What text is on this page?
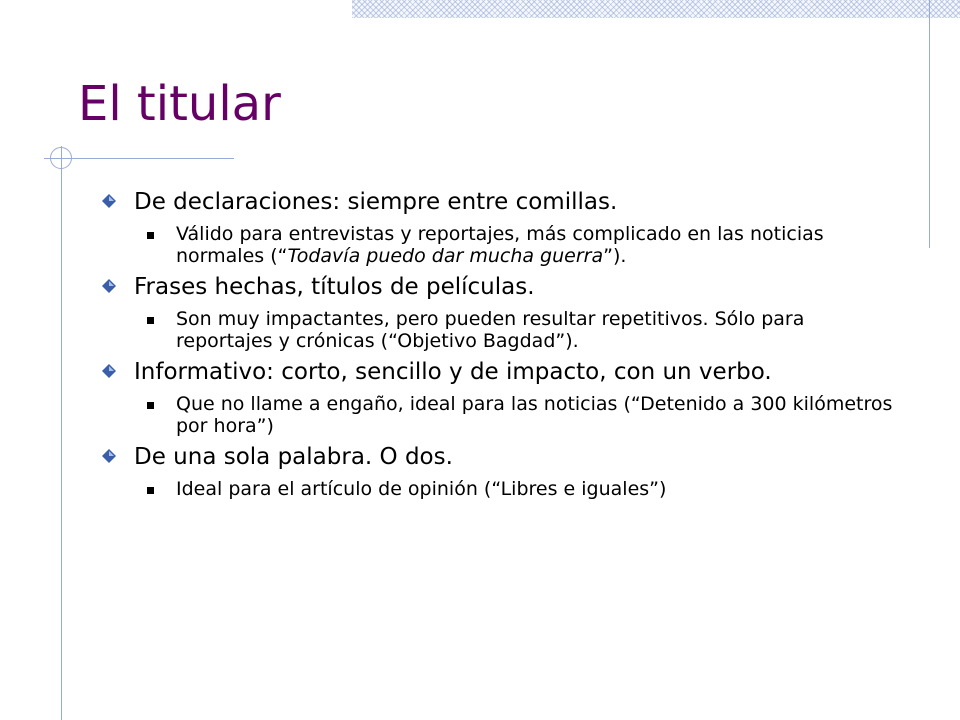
El titular
De declaraciones: siempre entre comillas.
Válido para entrevistas y reportajes, más complicado en las noticias normales (“Todavía puedo dar mucha guerra”).
Frases hechas, títulos de películas.
Son muy impactantes, pero pueden resultar repetitivos. Sólo para reportajes y crónicas (“Objetivo Bagdad”).
Informativo: corto, sencillo y de impacto, con un verbo.
Que no llame a engaño, ideal para las noticias (“Detenido a 300 kilómetros por hora”)
De una sola palabra. O dos.
Ideal para el artículo de opinión (“Libres e iguales”)
